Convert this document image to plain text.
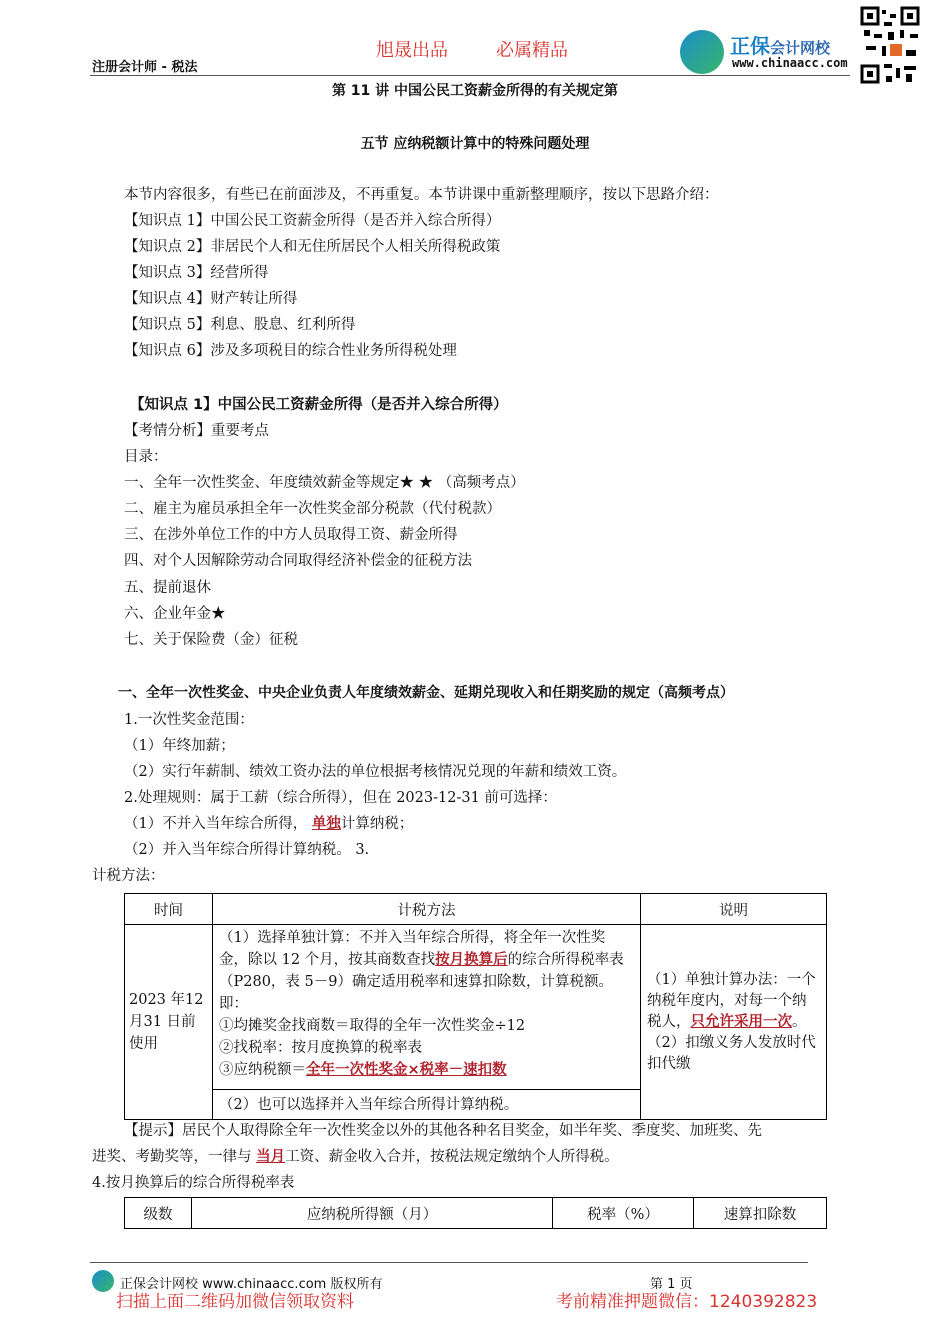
旭晟出品	必属精品
注册会计师 - 税法
正保会计网校
www.chinaacc.com
第 11 讲 中国公民工资薪金所得的有关规定第
五节 应纳税额计算中的特殊问题处理
本节内容很多，有些已在前面涉及，不再重复。本节讲课中重新整理顺序，按以下思路介绍：
【知识点 1】中国公民工资薪金所得（是否并入综合所得）
【知识点 2】非居民个人和无住所居民个人相关所得税政策
【知识点 3】经营所得
【知识点 4】财产转让所得
【知识点 5】利息、股息、红利所得
【知识点 6】涉及多项税目的综合性业务所得税处理
【知识点 1】中国公民工资薪金所得（是否并入综合所得）
【考情分析】重要考点
目录：
一、全年一次性奖金、年度绩效薪金等规定★ ★ （高频考点）
二、雇主为雇员承担全年一次性奖金部分税款（代付税款）
三、在涉外单位工作的中方人员取得工资、薪金所得
四、对个人因解除劳动合同取得经济补偿金的征税方法
五、提前退休
六、企业年金★
七、关于保险费（金）征税
一、全年一次性奖金、中央企业负责人年度绩效薪金、延期兑现收入和任期奖励的规定（高频考点）
1.一次性奖金范围：
（1）年终加薪；
（2）实行年薪制、绩效工资办法的单位根据考核情况兑现的年薪和绩效工资。
2.处理规则：属于工薪（综合所得），但在 2023-12-31 前可选择：
（1）不并入当年综合所得， 单独计算纳税；
（2）并入当年综合所得计算纳税。 3.
计税方法：
时间	计税方法	说明
2023 年12月31 日前使用	（1）选择单独计算：不并入当年综合所得，将全年一次性奖金，除以 12 个月，按其商数查找按月换算后的综合所得税率表（P280，表 5－9）确定适用税率和速算扣除数，计算税额。即：
①均摊奖金找商数＝取得的全年一次性奖金÷12
②找税率：按月度换算的税率表
③应纳税额＝全年一次性奖金×税率－速扣数	（1）单独计算办法：一个纳税年度内，对每一个纳税人，只允许采用一次。
（2）扣缴义务人发放时代扣代缴
	（2）也可以选择并入当年综合所得计算纳税。	
【提示】居民个人取得除全年一次性奖金以外的其他各种名目奖金，如半年奖、季度奖、加班奖、先
进奖、考勤奖等，一律与 当月工资、薪金收入合并，按税法规定缴纳个人所得税。
4.按月换算后的综合所得税率表
级数	应纳税所得额（月）	税率（%）	速算扣除数
正保会计网校 www.chinaacc.com 版权所有	第 1 页
扫描上面二维码加微信领取资料	考前精准押题微信：1240392823
